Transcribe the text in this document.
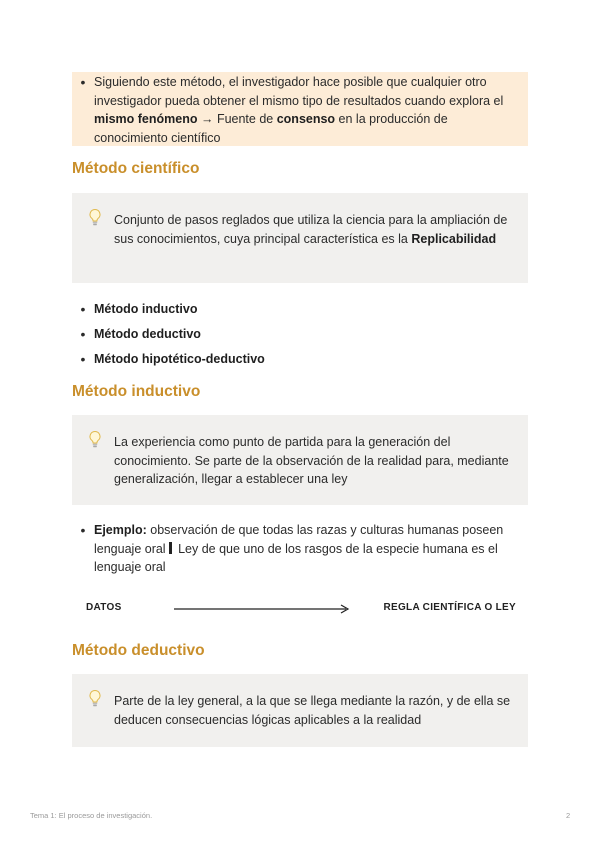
• Siguiendo este método, el investigador hace posible que cualquier otro investigador pueda obtener el mismo tipo de resultados cuando explora el mismo fenómeno → Fuente de consenso en la producción de conocimiento científico
Método científico
Conjunto de pasos reglados que utiliza la ciencia para la ampliación de sus conocimientos, cuya principal característica es la Replicabilidad
• Método inductivo
• Método deductivo
• Método hipotético-deductivo
Método inductivo
La experiencia como punto de partida para la generación del conocimiento. Se parte de la observación de la realidad para, mediante generalización, llegar a establecer una ley
• Ejemplo: observación de que todas las razas y culturas humanas poseen lenguaje oral Ley de que uno de los rasgos de la especie humana es el lenguaje oral
DATOS	REGLA CIENTÍFICA O LEY
Método deductivo
Parte de la ley general, a la que se llega mediante la razón, y de ella se deducen consecuencias lógicas aplicables a la realidad
Tema 1: El proceso de investigación.	2
